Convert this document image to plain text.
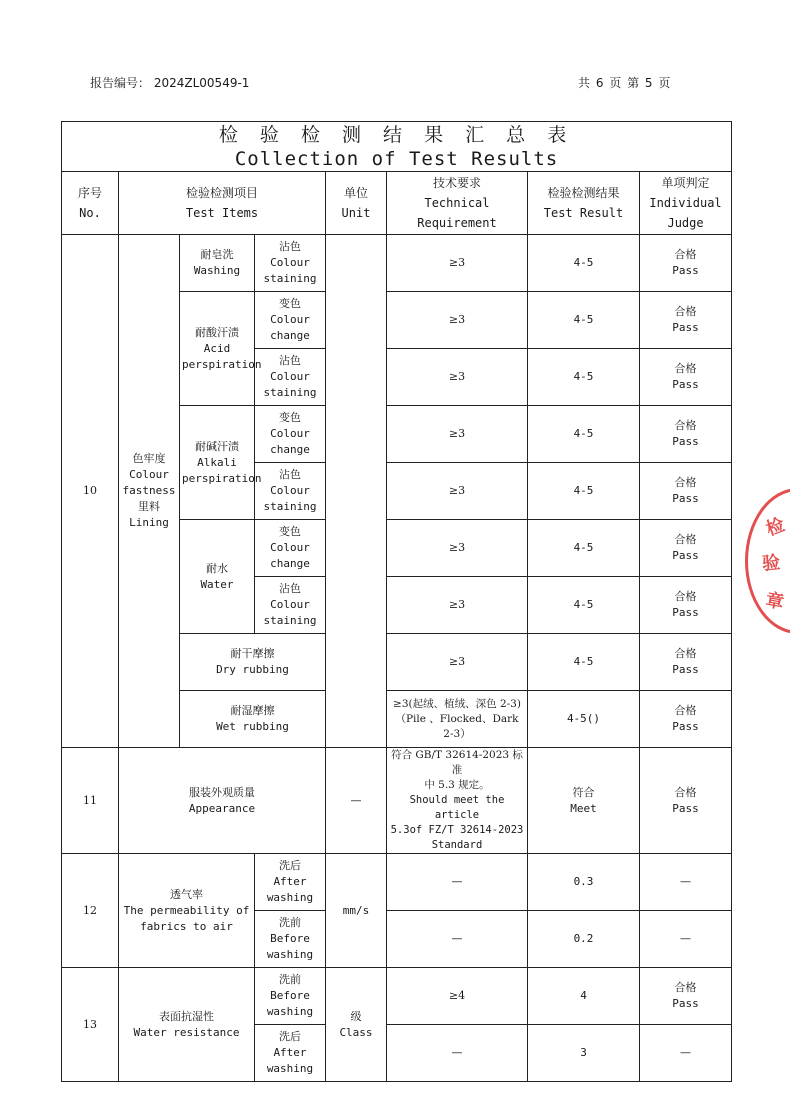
报告编号： 2024ZL00549-1	共 6 页 第 5 页
检 验 检 测 结 果 汇 总 表
Collection of Test Results							

序号
No.	检验检测项目
Test Items			单位
Unit	技术要求
Technical
Requirement	检验检测结果
Test Result	单项判定
Individual
Judge

10	色牢度
Colour
fastness
里料
Lining	耐皂洗
Washing	沾色
Colour
staining		≥3	4-5	合格
Pass

		耐酸汗渍
Acid
perspiration	变色
Colour
change		≥3	4-5	合格
Pass

			沾色
Colour
staining		≥3	4-5	合格
Pass

		耐碱汗渍
Alkali
perspiration	变色
Colour
change		≥3	4-5	合格
Pass

			沾色
Colour
staining		≥3	4-5	合格
Pass

		耐水
Water	变色
Colour
change		≥3	4-5	合格
Pass

			沾色
Colour
staining		≥3	4-5	合格
Pass

		耐干摩擦
Dry rubbing			≥3	4-5	合格
Pass

		耐湿摩擦
Wet rubbing			≥3(起绒、植绒、深色 2-3)
（Pile 、Flocked、Dark
2-3）	4-5()	合格
Pass

11	服装外观质量
Appearance			—	符合 GB/T 32614-2023 标准
中 5.3 规定。
Should meet the article
5.3of FZ/T 32614-2023
Standard	符合
Meet	合格
Pass

12	透气率
The permeability of
fabrics to air		洗后
After
washing	mm/s	—	0.3	—

			洗前
Before
washing		—	0.2	—
13	表面抗湿性
Water resistance		洗前
Before
washing	级
Class	≥4	4	合格
Pass

			洗后
After
washing		—	3	—
检
验
章
